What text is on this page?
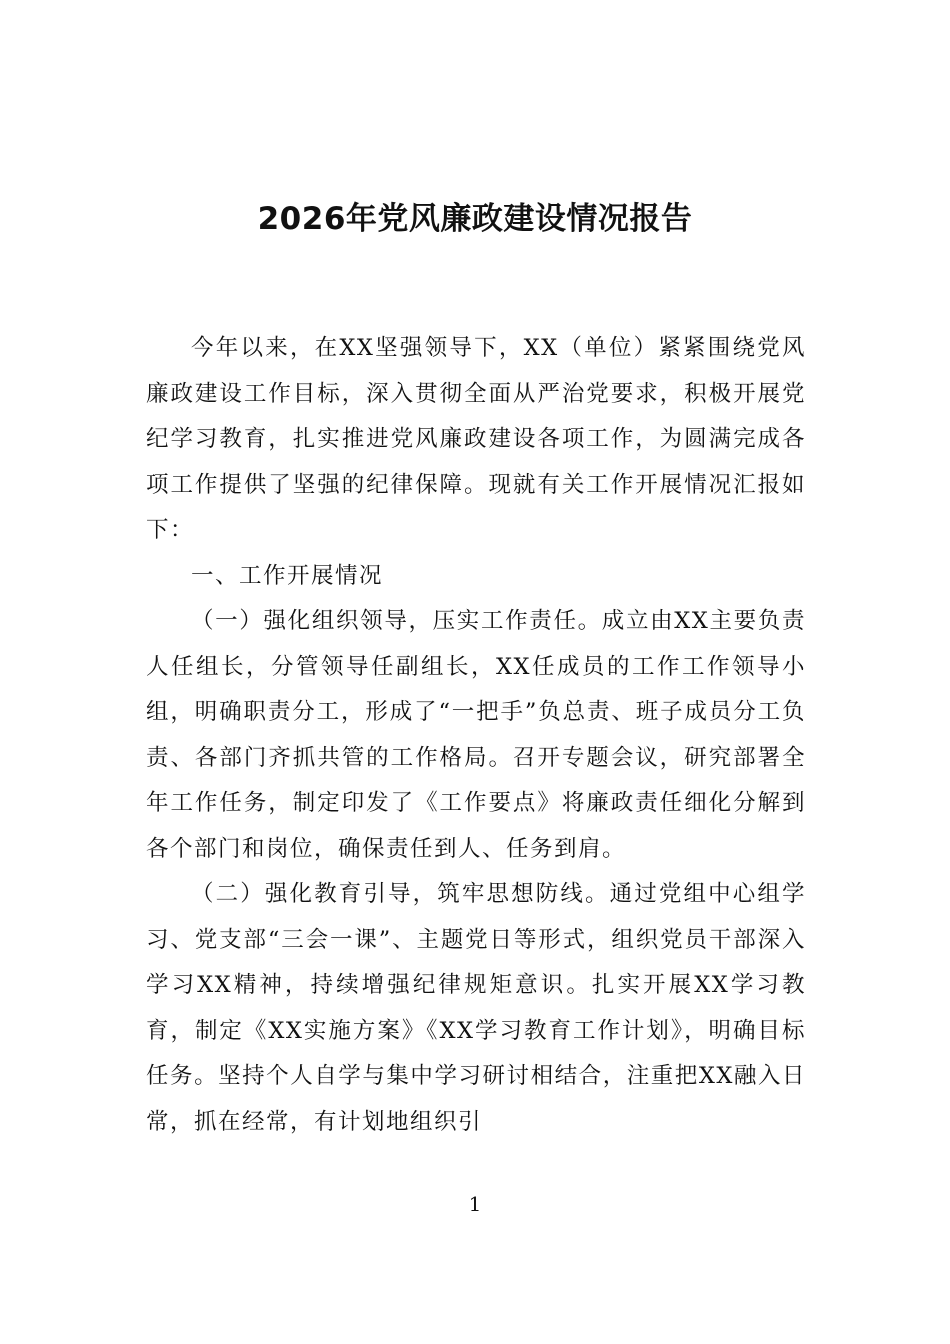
2026年党风廉政建设情况报告

今年以来，在XX坚强领导下，XX（单位）紧紧围绕党风廉政建设工作目标，深入贯彻全面从严治党要求，积极开展党纪学习教育，扎实推进党风廉政建设各项工作，为圆满完成各项工作提供了坚强的纪律保障。现就有关工作开展情况汇报如下：

一、工作开展情况

（一）强化组织领导，压实工作责任。成立由XX主要负责人任组长，分管领导任副组长，XX任成员的工作工作领导小组，明确职责分工，形成了“一把手”负总责、班子成员分工负责、各部门齐抓共管的工作格局。召开专题会议，研究部署全年工作任务，制定印发了《工作要点》将廉政责任细化分解到各个部门和岗位，确保责任到人、任务到肩。

（二）强化教育引导，筑牢思想防线。通过党组中心组学习、党支部“三会一课”、主题党日等形式，组织党员干部深入学习XX精神，持续增强纪律规矩意识。扎实开展XX学习教育，制定《XX实施方案》《XX学习教育工作计划》，明确目标任务。坚持个人自学与集中学习研讨相结合，注重把XX融入日常，抓在经常，有计划地组织引

1
